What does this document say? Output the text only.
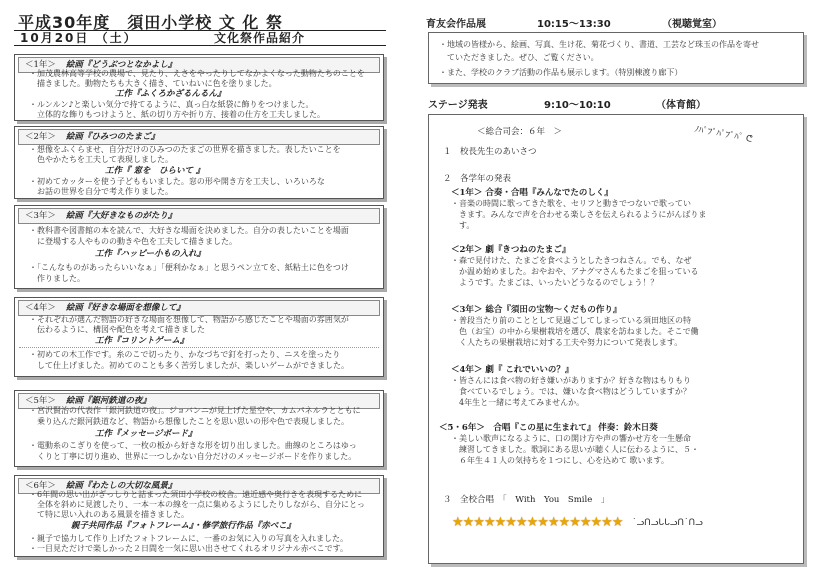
平成30年度　須田小学校 文 化 祭
10月20日 （土）	文化祭作品紹介
＜1年＞ 絵画『どうぶつとなかよし』
・加茂農林高等学校の農場で、見たり、えさをやったりしてなかよくなった動物たちのことを
　描きました。動物たちも大きく描き、ていねいに色を塗りました。
工作『ふくろかざるんるん』
・ルンルン♪と楽しい気分で持てるように、真っ白な紙袋に飾りをつけました。
　立体的な飾りもつけようと、紙の切り方や折り方、接着の仕方を工夫しました。
＜2年＞ 絵画『ひみつのたまご』
・想像をふくらませ、自分だけのひみつのたまごの世界を描きました。表したいことを
　色やかたちを工夫して表現しました。
工作『 窓を　ひらいて 』
・初めてカッターを使う子どももいました。窓の形や開き方を工夫し、いろいろな
　お話の世界を自分で考え作りました。
＜3年＞ 絵画『大好きなものがたり』
・教科書や図書館の本を読んで、大好きな場面を決めました。自分の表したいことを場面
　に登場する人やものの動きや色を工夫して描きました。
工作『ハッピー小もの入れ』
・「こんなものがあったらいいなぁ」「便利かなぁ」と思うペン立てを、紙粘土に色をつけ
　作りました。
＜4年＞ 絵画『好きな場面を想像して』
・それぞれが選んだ物語の好きな場面を想像して、物語から感じたことや場面の雰囲気が
　伝わるように、構図や配色を考えて描きました
工作『コリントゲーム』
・初めての木工作です。糸のこで切ったり、かなづちで釘を打ったり、ニスを塗ったり
　して仕上げました。初めてのことも多く苦労しましたが、楽しいゲームができました。
＜5年＞ 絵画『銀河鉄道の夜』
・宮沢賢治の代表作「銀河鉄道の夜」。ジョバンニが見上げた星空や、カムパネルラとともに
　乗り込んだ銀河鉄道など、物語から想像したことを思い思いの形や色で表現しました。
工作『メッセージボード』
・電動糸のこぎりを使って、一枚の板から好きな形を切り出しました。曲線のところはゆっ
　くりと丁寧に切り進め、世界に一つしかない自分だけのメッセージボードを作りました。
＜6年＞ 絵画『わたしの大切な風景』
・6年間の思い出がぎっしりと詰まった須田小学校の校舎。遠近感や奥行きを表現するために
　全体を斜めに見渡したり、一本一本の線を一点に集めるようにしたりしながら、自分にとっ
　て特に思い入れのある風景を描きました。
親子共同作品『フォトフレーム』・修学旅行作品『赤べこ』
・親子で協力して作り上げたフォトフレームに、一番のお気に入りの写真を入れました。
・一目見ただけで楽しかった２日間を一気に思い出させてくれるオリジナル赤べこです。
育友会作品展	10:15～13:30	（視聴覚室）
・地域の皆様から、絵画、写真、生け花、菊花づくり、書道、工芸など珠玉の作品を寄せ
　ていただきました。ぜひ、ご覧ください。
・また、学校のクラブ活動の作品も展示します。（特別棟渡り廊下）
ステージ発表	9:10～10:10	（体育館）
＜総合司会：６年　＞	ﾉﾊﾟﾌﾟﾊﾟﾌﾟﾊﾟ ᕦ
１　校長先生のあいさつ
２　各学年の発表
＜1年＞ 合奏・合唱『みんなでたのしく』
・音楽の時間に歌ってきた歌を、セリフと動きでつないで歌ってい
　きます。みんなで声を合わせる楽しさを伝えられるようにがんばりま
　す。
＜2年＞ 劇『きつねのたまご』
・森で見付けた、たまごを食べようとしたきつねさん。でも、なぜ
　か温め始めました。おやおや、アナグマさんもたまごを狙っている
　ようです。たまごは、いったいどうなるのでしょう！？
＜3年＞ 総合『須田の宝物～くだもの作り』
・普段当たり前のこととして見過ごしてしまっている須田地区の特
　色（お宝）の中から果樹栽培を選び、農家を訪ねました。そこで働
　く人たちの果樹栽培に対する工夫や努力について発表します。
＜4年＞ 劇『 これでいいの？』
・皆さんには食べ物の好き嫌いがありますか？好きな物はもりもり
　食べているでしょう。では、嫌いな食べ物はどうしていますか？
　4年生と一緒に考えてみませんか。
＜5・6年＞　合唱『この星に生まれて』 伴奏：鈴木日葵
・美しい歌声になるように、口の開け方や声の響かせ方を一生懸命
　練習してきました。歌詞にある思いが聴く人に伝わるように、５・
　６年生４１人の気持ちを１つにし、心を込めて 歌います。
３　全校合唱　「　With　You　Smile　」
★★★★★★★★★★★★★★★★ ˙ᓗᑎᓗᒐᒐᓗᑎ˙ᑎᓗ
